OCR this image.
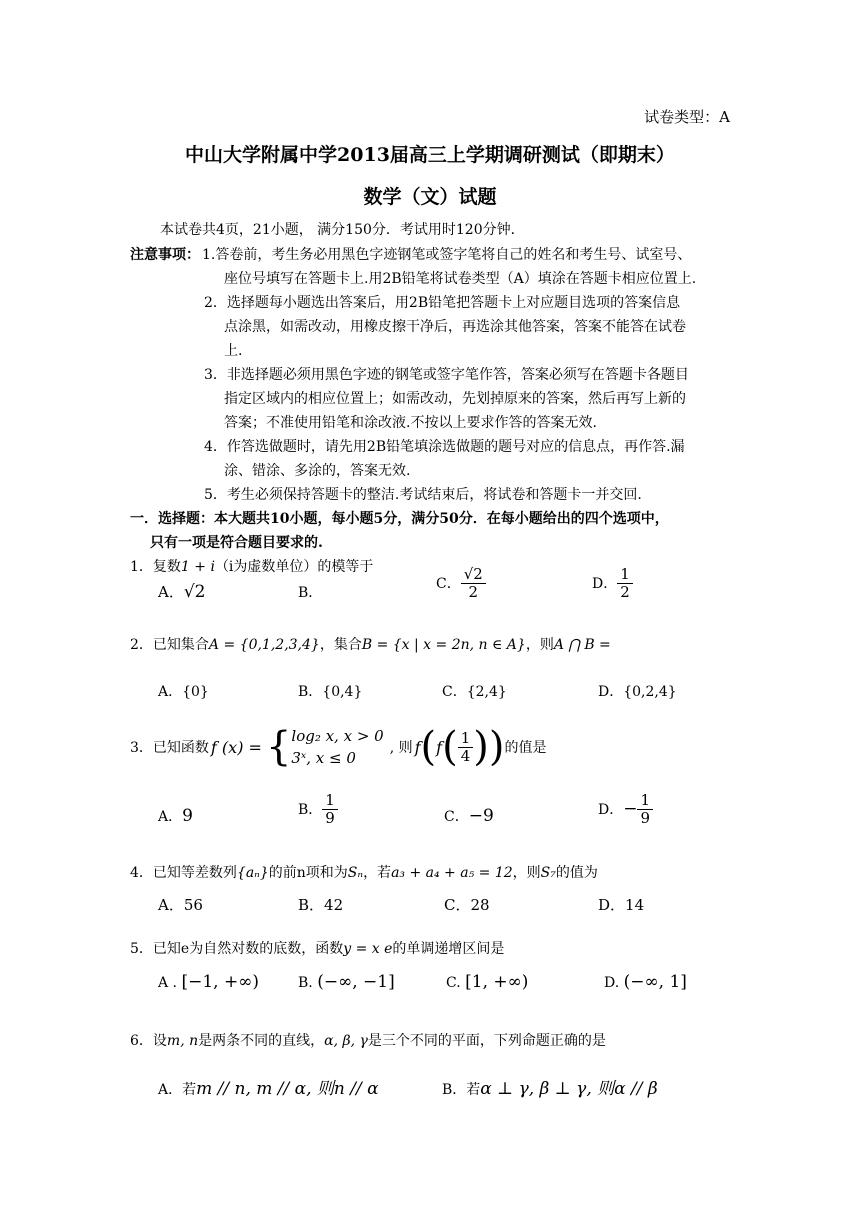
试卷类型：A
中山大学附属中学2013届高三上学期调研测试（即期末）
数学（文）试题
本试卷共4页，21小题， 满分150分．考试用时120分钟．
注意事项： 1.答卷前，考生务必用黑色字迹钢笔或签字笔将自己的姓名和考生号、试室号、
座位号填写在答题卡上.用2B铅笔将试卷类型（A）填涂在答题卡相应位置上.
2．选择题每小题选出答案后，用2B铅笔把答题卡上对应题目选项的答案信息
点涂黑，如需改动，用橡皮擦干净后，再选涂其他答案，答案不能答在试卷
上.
3．非选择题必须用黑色字迹的钢笔或签字笔作答，答案必须写在答题卡各题目
指定区域内的相应位置上；如需改动，先划掉原来的答案，然后再写上新的
答案；不准使用铅笔和涂改液.不按以上要求作答的答案无效.
4．作答选做题时，请先用2B铅笔填涂选做题的题号对应的信息点，再作答.漏
涂、错涂、多涂的，答案无效.
5．考生必须保持答题卡的整洁.考试结束后，将试卷和答题卡一并交回.
一．选择题：本大题共10小题，每小题5分，满分50分．在每小题给出的四个选项中，
只有一项是符合题目要求的.
1．复数1 + i（i为虚数单位）的模等于
A．√2	B．
C． $\frac{√2}{2}$	D． $\frac{1}{2}$
2．已知集合A = {0,1,2,3,4}，集合B = {x | x = 2n, n ∈ A}，则A ⋂ B =
A．{0}	B．{0,4}	C．{2,4}	D．{0,2,4}
3．已知函数 f (x) = { log₂ x, x > 0
3ˣ, x ≤ 0
, 则 f ( f ( $\frac{1}{4}$ ) ) 的值是
A．9	B． $\frac{1}{9}$	C．−9	D．− $\frac{1}{9}$
4．已知等差数列{aₙ}的前n项和为Sₙ，若a₃ + a₄ + a₅ = 12，则S₇的值为
A．56	B．42	C．28	D．14
5．已知e为自然对数的底数，函数y = x e的单调递增区间是
A . [−1, +∞)	B. (−∞, −1]	C. [1, +∞)	D. (−∞, 1]
6．设m, n是两条不同的直线，α, β, γ是三个不同的平面，下列命题正确的是
A．若m // n, m // α, 则n // α	B．若α ⊥ γ, β ⊥ γ, 则α // β
